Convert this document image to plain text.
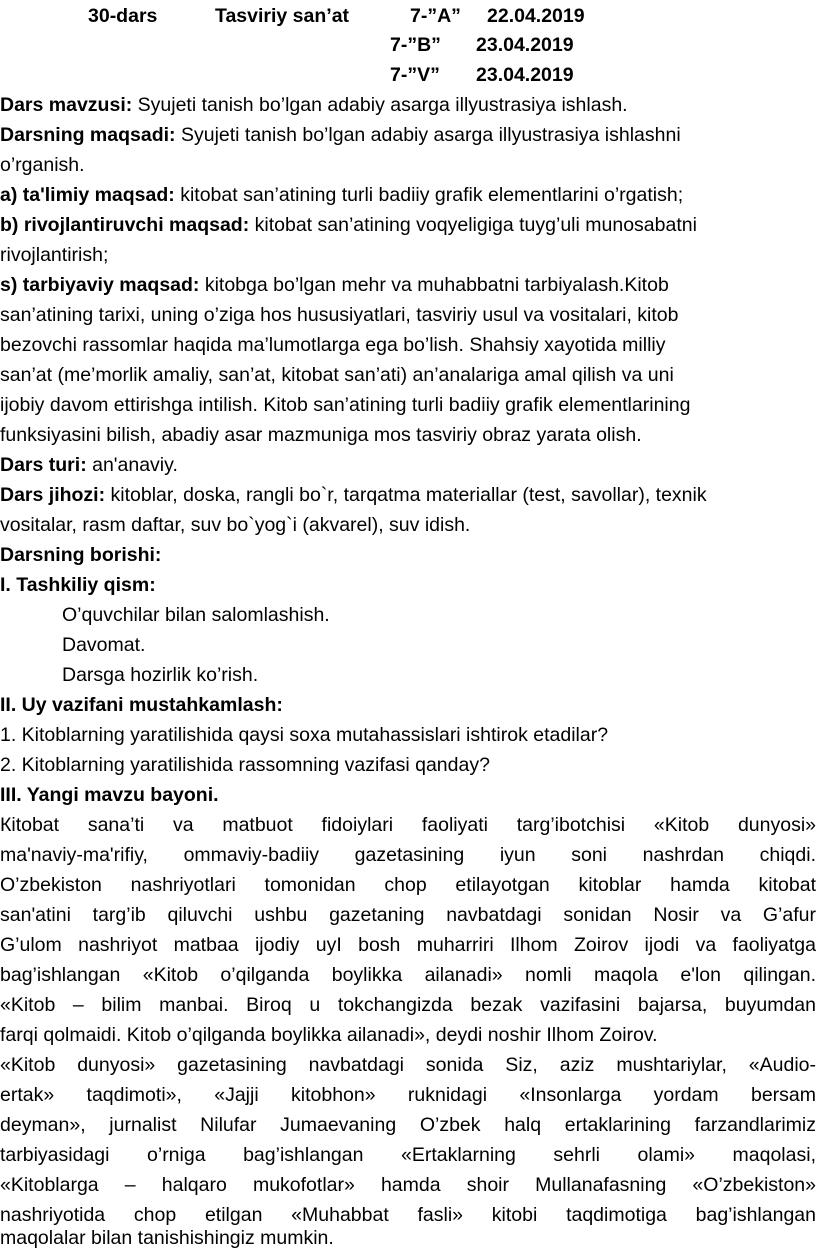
30-dars	Tasviriy san’at	7-”A” 22.04.2019
7-”B” 23.04.2019
7-”V” 23.04.2019
Dars mavzusi: Syujeti tanish bo’lgan adabiy asarga illyustrasiya ishlash.
Darsning maqsadi: Syujeti tanish bo’lgan adabiy asarga illyustrasiya ishlashni
o’rganish.
a) ta'limiy maqsad: kitobat san’atining turli badiiy grafik elementlarini o’rgatish;
b) rivojlantiruvchi maqsad: kitobat san’atining voqyeligiga tuyg’uli munosabatni
rivojlantirish;
s) tarbiyaviy maqsad: kitobga bo’lgan mehr va muhabbatni tarbiyalash.Kitob
san’atining tarixi, uning o’ziga hos hususiyatlari, tasviriy usul va vositalari, kitob
bezovchi rassomlar haqida ma’lumotlarga ega bo’lish. Shahsiy xayotida milliy
san’at (me’morlik amaliy, san’at, kitobat san’ati) an’analariga amal qilish va uni
ijobiy davom ettirishga intilish. Kitob san’atining turli badiiy grafik elementlarining
funksiyasini bilish, abadiy asar mazmuniga mos tasviriy obraz yarata olish.
Dars turi: an'anaviy.
Dars jihozi: kitoblar, doska, rangli bo`r, tarqatma materiallar (test, savollar), texnik
vositalar, rasm daftar, suv bo`yog`i (akvarel), suv idish.
Darsning borishi:
I. Tashkiliy qism:
O’quvchilar bilan salomlashish.
Davomat.
Darsga hozirlik ko’rish.
II. Uy vazifani mustahkamlash:
1. Kitoblarning yaratilishida qaysi soxa mutahassislari ishtirok etadilar?
2. Kitoblarning yaratilishida rassomning vazifasi qanday?
III. Yangi mavzu bayoni.
Кitobat sana’ti va matbuot fidoiylari faoliyati targ’ibotchisi «Kitob dunyosi»
ma'naviy-ma'rifiy, ommaviy-badiiy gazetasining iyun soni nashrdan chiqdi.
O’zbekiston nashriyotlari tomonidan chop etilayotgan kitoblar hamda kitobat
san'atini targ’ib qiluvchi ushbu gazetaning navbatdagi sonidan Nosir va G’afur
G’ulom nashriyot matbaa ijodiy uyI bosh muharriri Ilhom Zoirov ijodi va faoliyatga
bag’ishlangan «Kitob o’qilganda boylikka ailanadi» nomli maqola e'lon qilingan.
«Kitob – bilim manbai. Biroq u tokchangizda bezak vazifasini bajarsa, buyumdan
farqi qolmaidi. Kitob o’qilganda boylikka ailanadi», deydi noshir Ilhom Zoirov.
«Kitob dunyosi» gazetasining navbatdagi sonida Siz, aziz mushtariylar, «Audio-
ertak» taqdimoti», «Jajji kitobhon» ruknidagi «Insonlarga yordam bersam
deyman», jurnalist Nilufar Jumaevaning O’zbek halq ertaklarining farzandlarimiz
tarbiyasidagi o’rniga bag’ishlangan «Ertaklarning sehrli olami» maqolasi,
«Kitoblarga – halqaro mukofotlar» hamda shoir Mullanafasning «O’zbekiston»
nashriyotida chop etilgan «Muhabbat fasli» kitobi taqdimotiga bag’ishlangan
maqolalar bilan tanishishingiz mumkin.
